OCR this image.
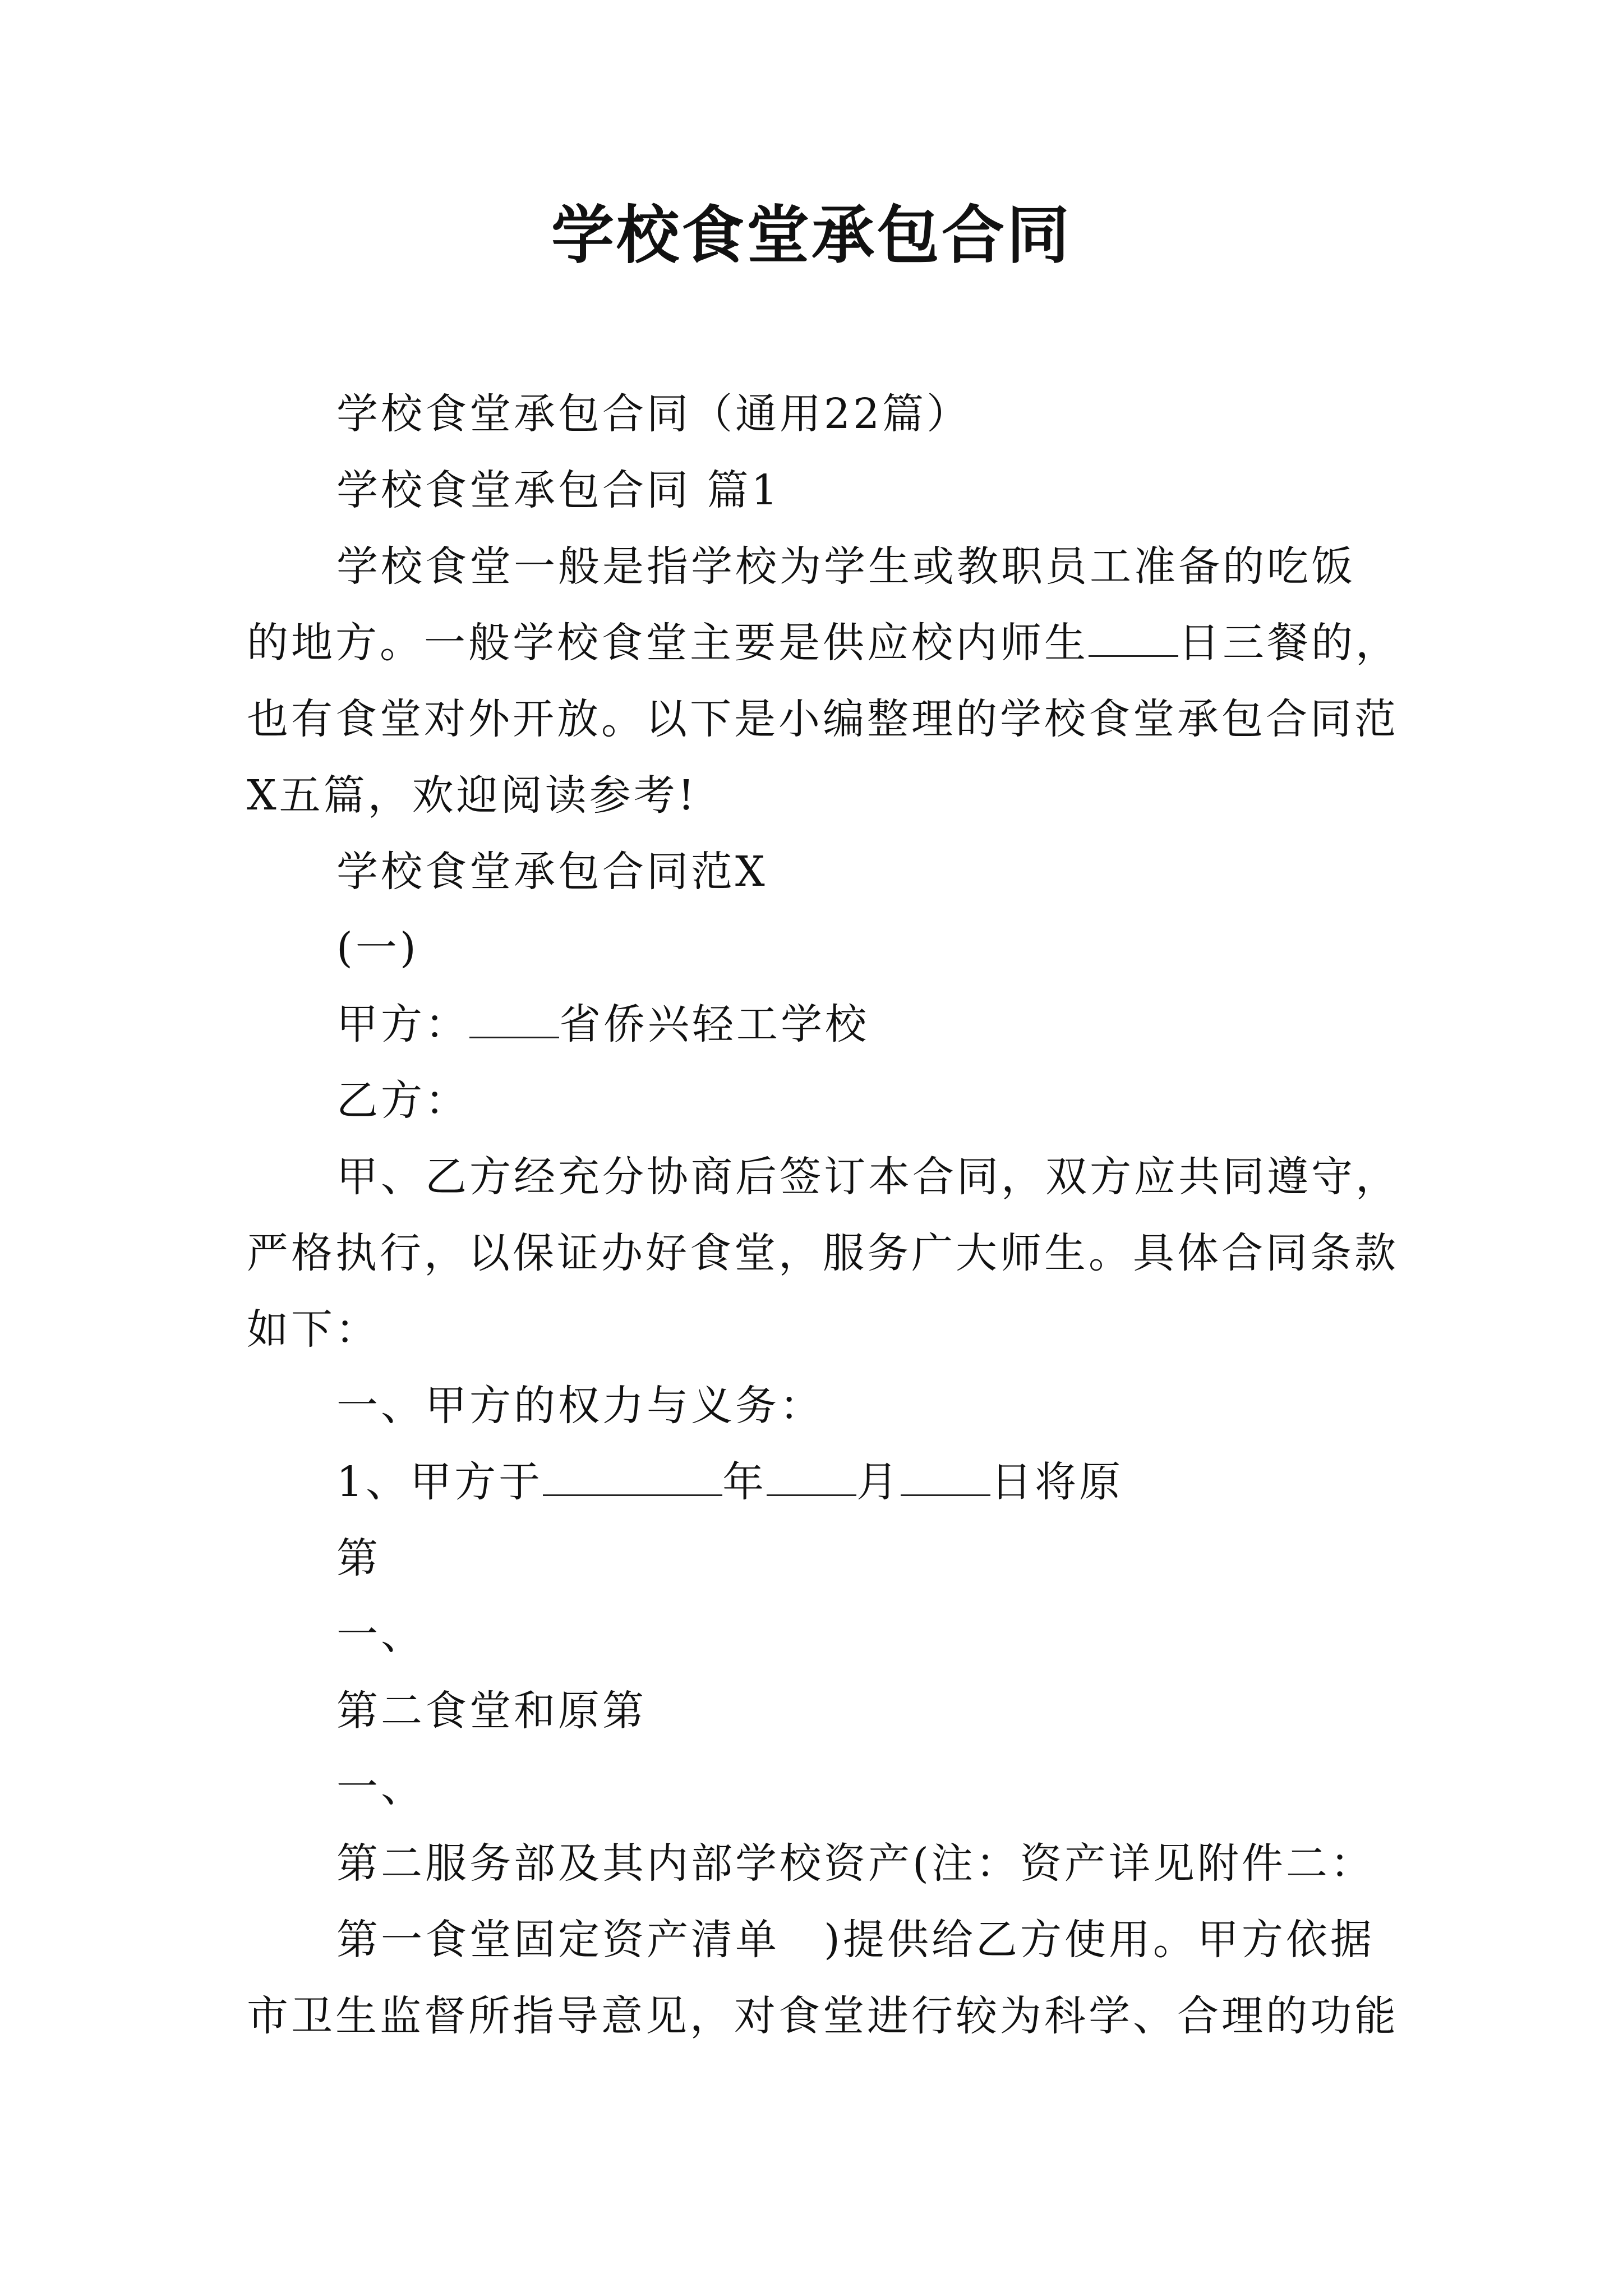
学校食堂承包合同
学校食堂承包合同（通用22篇）
学校食堂承包合同 篇1
学校食堂一般是指学校为学生或教职员工准备的吃饭
的地方。一般学校食堂主要是供应校内师生 日三餐的，
也有食堂对外开放。以下是小编整理的学校食堂承包合同范
X五篇，欢迎阅读参考!
学校食堂承包合同范X
(一)
甲方： 省侨兴轻工学校
乙方：
甲、乙方经充分协商后签订本合同，双方应共同遵守，
严格执行，以保证办好食堂，服务广大师生。具体合同条款
如下：
一、甲方的权力与义务：
1、甲方于	年 月 日将原
第
一、
第二食堂和原第
一、
第二服务部及其内部学校资产(注：资产详见附件二：
第一食堂固定资产清单　)提供给乙方使用。甲方依据
市卫生监督所指导意见，对食堂进行较为科学、合理的功能
